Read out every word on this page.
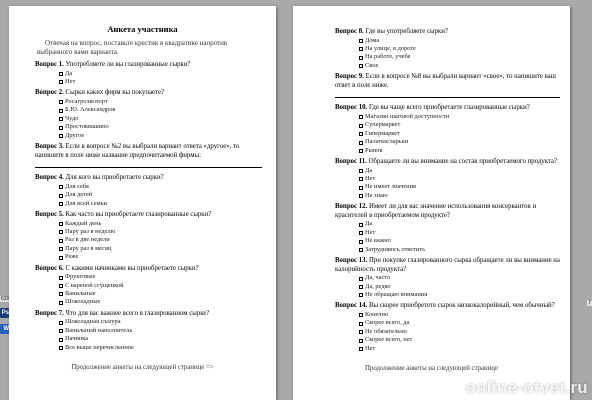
Анкета участника
Отвечая на вопрос, поставьте крестик в квадратике напротив выбранного вами варианта.

Вопрос 1. Употребляете ли вы глазированные сырки?

Да
Нет

Вопрос 2. Сырки каких фирм вы покупаете?

Росагроэкспорт
Б.Ю. Александров
Чудо
Простоквашино
Другое

Вопрос 3. Если в вопросе №2 вы выбрали вариант ответа «другое», то напишите в поле ниже название предпочитаемой фирмы:

Вопрос 4. Для кого вы приобретаете сырки?

Для себя
Для детей
Для всей семьи

Вопрос 5. Как часто вы приобретаете глазированные сырки?

Каждый день
Пару раз в неделю
Раз в две недели
Пару раз в месяц
Реже

Вопрос 6. С какими начинками вы приобретаете сырки?

Фруктовые
С вареной сгущенкой
Ванильные
Шоколадные

Вопрос 7. Что для вас важнее всего в глазированном сырке?

Шоколадная глазура
Ванильный наполнитель
Начинка
Все выше перечисленное
Продолжение анкеты на следующей странице =>

Вопрос 8. Где вы употребляете сырки?

Дома
На улице, в дороге
На работе, учебе
Свое

Вопрос 9. Если в вопросе №8 вы выбрали вариант «свое», то напишите ваш ответ в поле ниже.

Вопрос 10. Где вы чаще всего приобретаете глазированные сырки?

Магазин шаговой доступности
Супермаркет
Гипермаркет
Палатки/ларьки
Рынок

Вопрос 11. Обращаете ли вы внимание на состав приобретаемого продукта?

Да
Нет
Не имеет значения
Не знаю

Вопрос 12. Имеет ли для вас значение использования консервантов и красителей в приобретаемом продукте?

Да
Нет
Не важно
Затрудняюсь ответить

Вопрос 13. При покупке глазированного сырка обращаете ли вы внимание на калорийность продукта?

Да, часто
Да, редко
Не обращаю внимания

Вопрос 14. Вы скорее приобретете сырок низкокалорийный, чем обычный?

Конечно
Скорее всего, да
Не обязательно
Скорее всего, нет
Нет
Продолжение анкеты на следующей странице
639
Ps
W
7
online-otvet.ru
